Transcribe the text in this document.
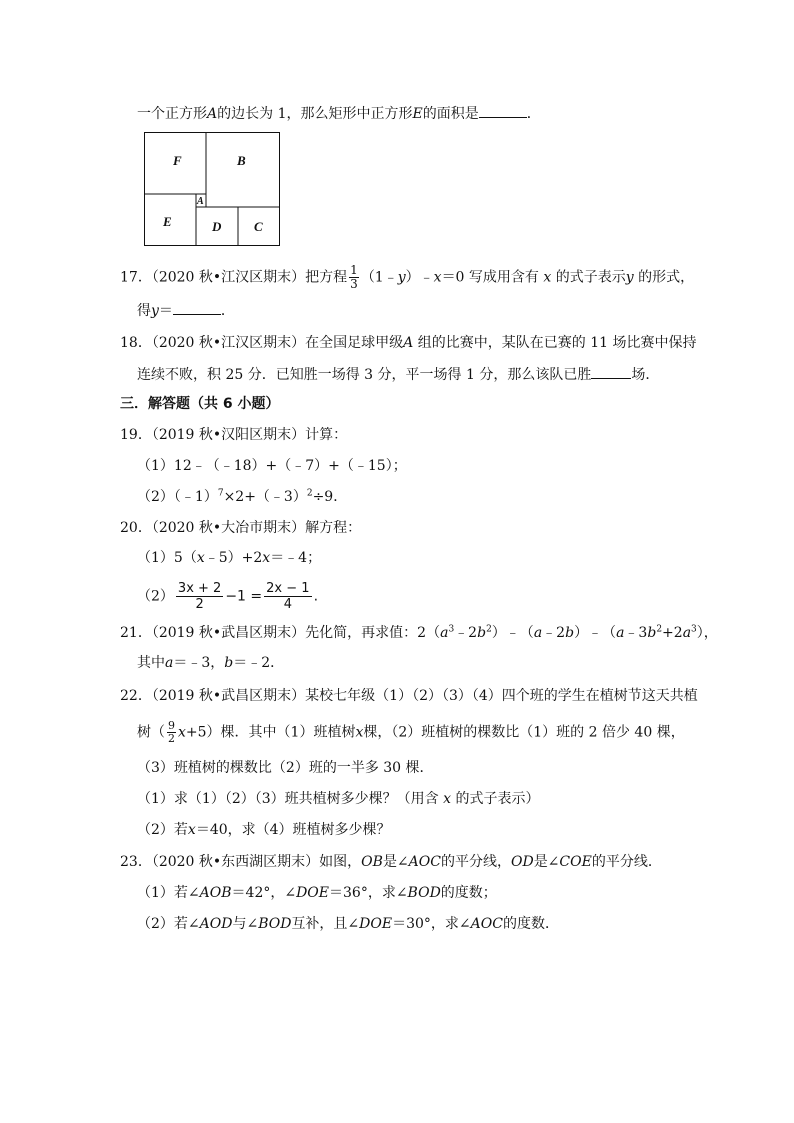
一个正方形A的边长为 1，那么矩形中正方形E的面积是	．
F	B
E
A
D	C
17．（2020 秋•江汉区期末）把方程 $\frac{1}{3}$ （1﹣y）﹣x＝0 写成用含有 x 的式子表示y 的形式，
得y＝	．
18．（2020 秋•江汉区期末）在全国足球甲级A 组的比赛中，某队在已赛的 11 场比赛中保持
连续不败，积 25 分．已知胜一场得 3 分，平一场得 1 分，那么该队已胜	场．
三．解答题（共 6 小题）
19．（2019 秋•汉阳区期末）计算：
（1）12﹣（﹣18）+（﹣7）+（﹣15）；
（2）（﹣1）$^7$×2+（﹣3）$^2$÷9．
20．（2020 秋•大冶市期末）解方程：
（1）5（x﹣5）+2x＝﹣4；
$(2) \frac{3x + 2}{2} -1 = \frac{2x - 1}{4}$ .
21．（2019 秋•武昌区期末）先化简，再求值：$2(a^3﹣2b^2)﹣(a﹣2b)﹣(a﹣3b^2+2a^3)$，
其中a＝﹣3，b＝﹣2．
22．（2019 秋•武昌区期末）某校七年级（1）（2）（3）（4）四个班的学生在植树节这天共植
树（ $\frac{9}{2} x+5$）棵．其中（1）班植树x棵，（2）班植树的棵数比（1）班的 2 倍少 40 棵，
（3）班植树的棵数比（2）班的一半多 30 棵．
（1）求（1）（2）（3）班共植树多少棵？（用含 x 的式子表示）
（2）若x＝40，求（4）班植树多少棵？
23．（2020 秋•东西湖区期末）如图，OB是∠AOC的平分线，OD是∠COE的平分线．
（1）若∠AOB＝42°，∠DOE＝36°，求∠BOD的度数；
（2）若∠AOD与∠BOD互补，且∠DOE＝30°，求∠AOC的度数．
